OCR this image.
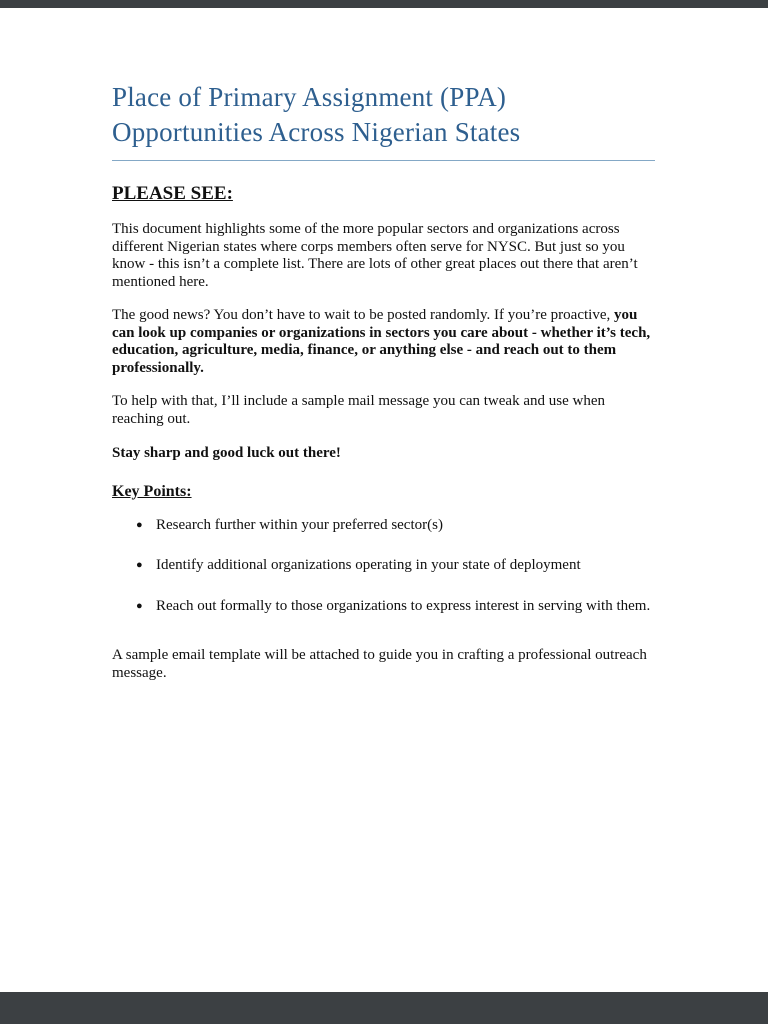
Place of Primary Assignment (PPA) Opportunities Across Nigerian States
PLEASE SEE:

This document highlights some of the more popular sectors and organizations across different Nigerian states where corps members often serve for NYSC. But just so you know - this isn’t a complete list. There are lots of other great places out there that aren’t mentioned here.

The good news? You don’t have to wait to be posted randomly. If you’re proactive, you can look up companies or organizations in sectors you care about - whether it’s tech, education, agriculture, media, finance, or anything else - and reach out to them professionally.

To help with that, I’ll include a sample mail message you can tweak and use when reaching out.

Stay sharp and good luck out there!

Key Points:
● Research further within your preferred sector(s)
● Identify additional organizations operating in your state of deployment
● Reach out formally to those organizations to express interest in serving with them.

A sample email template will be attached to guide you in crafting a professional outreach message.
